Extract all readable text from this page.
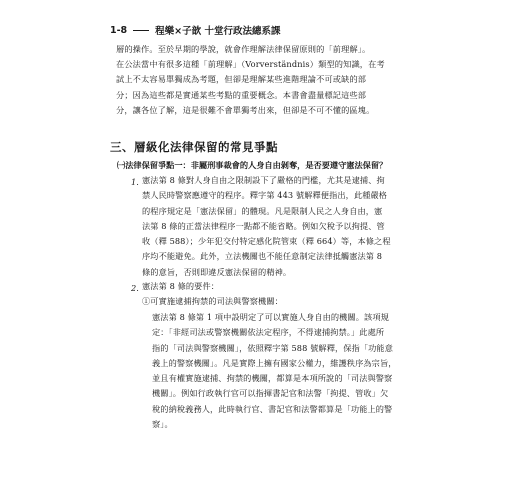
1-8	程樂×子歆 十堂行政法總系課

層的操作。至於早期的學說，就會作理解法律保留原則的「前理解」。
在公法當中有很多這種「前理解」（Vorverständnis）類型的知識，在考
試上不太容易單獨成為考題，但卻是理解某些進階理論不可或缺的部
分；因為這些都是實通某些考點的重要概念。本書會盡量標記這些部
分，讓各位了解，這是很難不會單獨考出來，但卻是不可不懂的區塊。

三、層級化法律保留的常見爭點
㈠法律保留爭點一：非屬刑事裁會的人身自由剝奪，是否要遵守憲法保留？
1. 憲法第 8 條對人身自由之限制設下了嚴格的門檻，尤其是逮捕、拘
禁人民時警察應遵守的程序。釋字第 443 號解釋便指出，此種嚴格
的程序規定是「憲法保留」的體現。凡是限制人民之人身自由，憲
法第 8 條的正當法律程序一點都不能省略。例如欠稅予以拘提、管
收（釋 588）；少年犯交付特定感化院管束（釋 664）等，本條之程
序均不能避免。此外，立法機關也不能任意制定法律抵觸憲法第 8
條的意旨，否則即違反憲法保留的精神。

2. 憲法第 8 條的要件：
①可實施逮捕拘禁的司法與警察機關：

憲法第 8 條第 1 項中設明定了可以實施人身自由的機關。該項規
定：「非經司法或警察機關依法定程序，不得逮捕拘禁。」此處所
指的「司法與警察機關」，依照釋字第 588 號解釋，保指「功能意
義上的警察機關」。凡是實際上擁有國家公權力，維護秩序為宗旨，
並且有權實施逮捕、拘禁的機關，都算是本項所說的「司法與警察
機關」。例如行政執行官可以指揮書記官和法警「拘提、管收」欠
稅的納稅義務人，此時執行官、書記官和法警都算是「功能上的警
察」。
